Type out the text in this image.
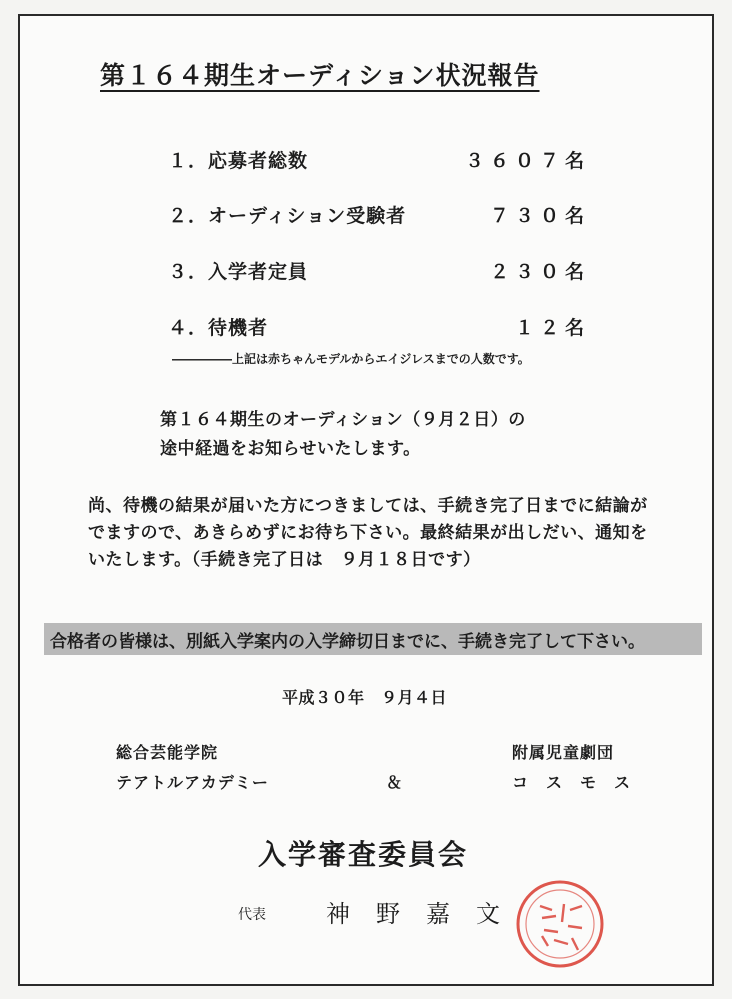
第１６４期生オーディション状況報告
１．応募者総数	３６０７名
２．オーディション受験者	７３０名
３．入学者定員	２３０名
４．待機者	１２名
―――――上記は赤ちゃんモデルからエイジレスまでの人数です。
第１６４期生のオーディション（９月２日）の
途中経過をお知らせいたします。
尚、待機の結果が届いた方につきましては、手続き完了日までに結論が
でますので、あきらめずにお待ち下さい。最終結果が出しだい、通知を
いたします。（手続き完了日は　９月１８日です）
合格者の皆様は、別紙入学案内の入学締切日までに、手続き完了して下さい。
平成３０年　９月４日
総合芸能学院
テアトルアカデミー	＆
附属児童劇団
コ　ス　モ　ス
入学審査委員会
代表	神野嘉文
